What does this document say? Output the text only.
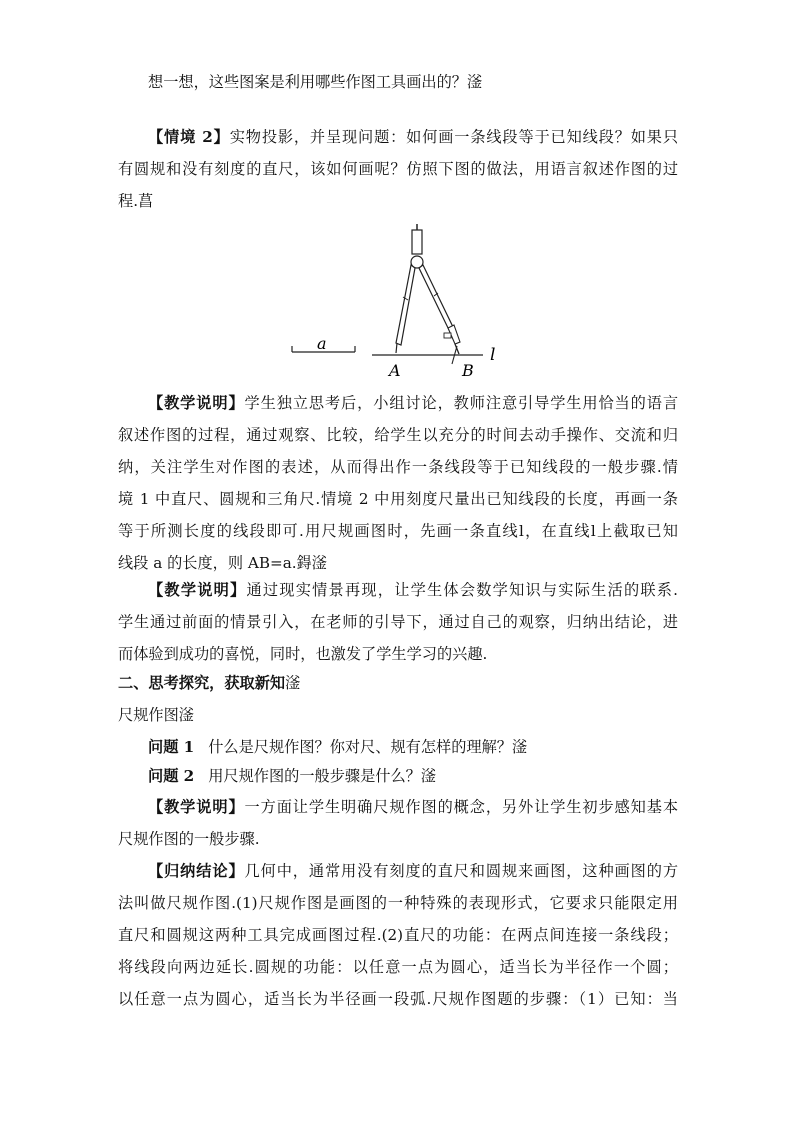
想一想，这些图案是利用哪些作图工具画出的？滏
【情境 2】实物投影，并呈现问题：如何画一条线段等于已知线段？如果只
有圆规和没有刻度的直尺，该如何画呢？仿照下图的做法，用语言叙述作图的过
程.菖
a
l
A	B
【教学说明】学生独立思考后，小组讨论，教师注意引导学生用恰当的语言
叙述作图的过程，通过观察、比较，给学生以充分的时间去动手操作、交流和归
纳，关注学生对作图的表述，从而得出作一条线段等于已知线段的一般步骤.情
境 1 中直尺、圆规和三角尺.情境 2 中用刻度尺量出已知线段的长度，再画一条
等于所测长度的线段即可.用尺规画图时，先画一条直线l，在直线l上截取已知
线段 a 的长度，则 AB=a.鍀滏
【教学说明】通过现实情景再现，让学生体会数学知识与实际生活的联系.
学生通过前面的情景引入，在老师的引导下，通过自己的观察，归纳出结论，进
而体验到成功的喜悦，同时，也激发了学生学习的兴趣.
二、思考探究，获取新知滏
尺规作图滏
问题 1 什么是尺规作图？你对尺、规有怎样的理解？滏
问题 2 用尺规作图的一般步骤是什么？滏
【教学说明】一方面让学生明确尺规作图的概念，另外让学生初步感知基本
尺规作图的一般步骤.
【归纳结论】几何中，通常用没有刻度的直尺和圆规来画图，这种画图的方
法叫做尺规作图.(1)尺规作图是画图的一种特殊的表现形式，它要求只能限定用
直尺和圆规这两种工具完成画图过程.(2)直尺的功能：在两点间连接一条线段；
将线段向两边延长.圆规的功能：以任意一点为圆心，适当长为半径作一个圆；
以任意一点为圆心，适当长为半径画一段弧.尺规作图题的步骤：（1）已知：当
